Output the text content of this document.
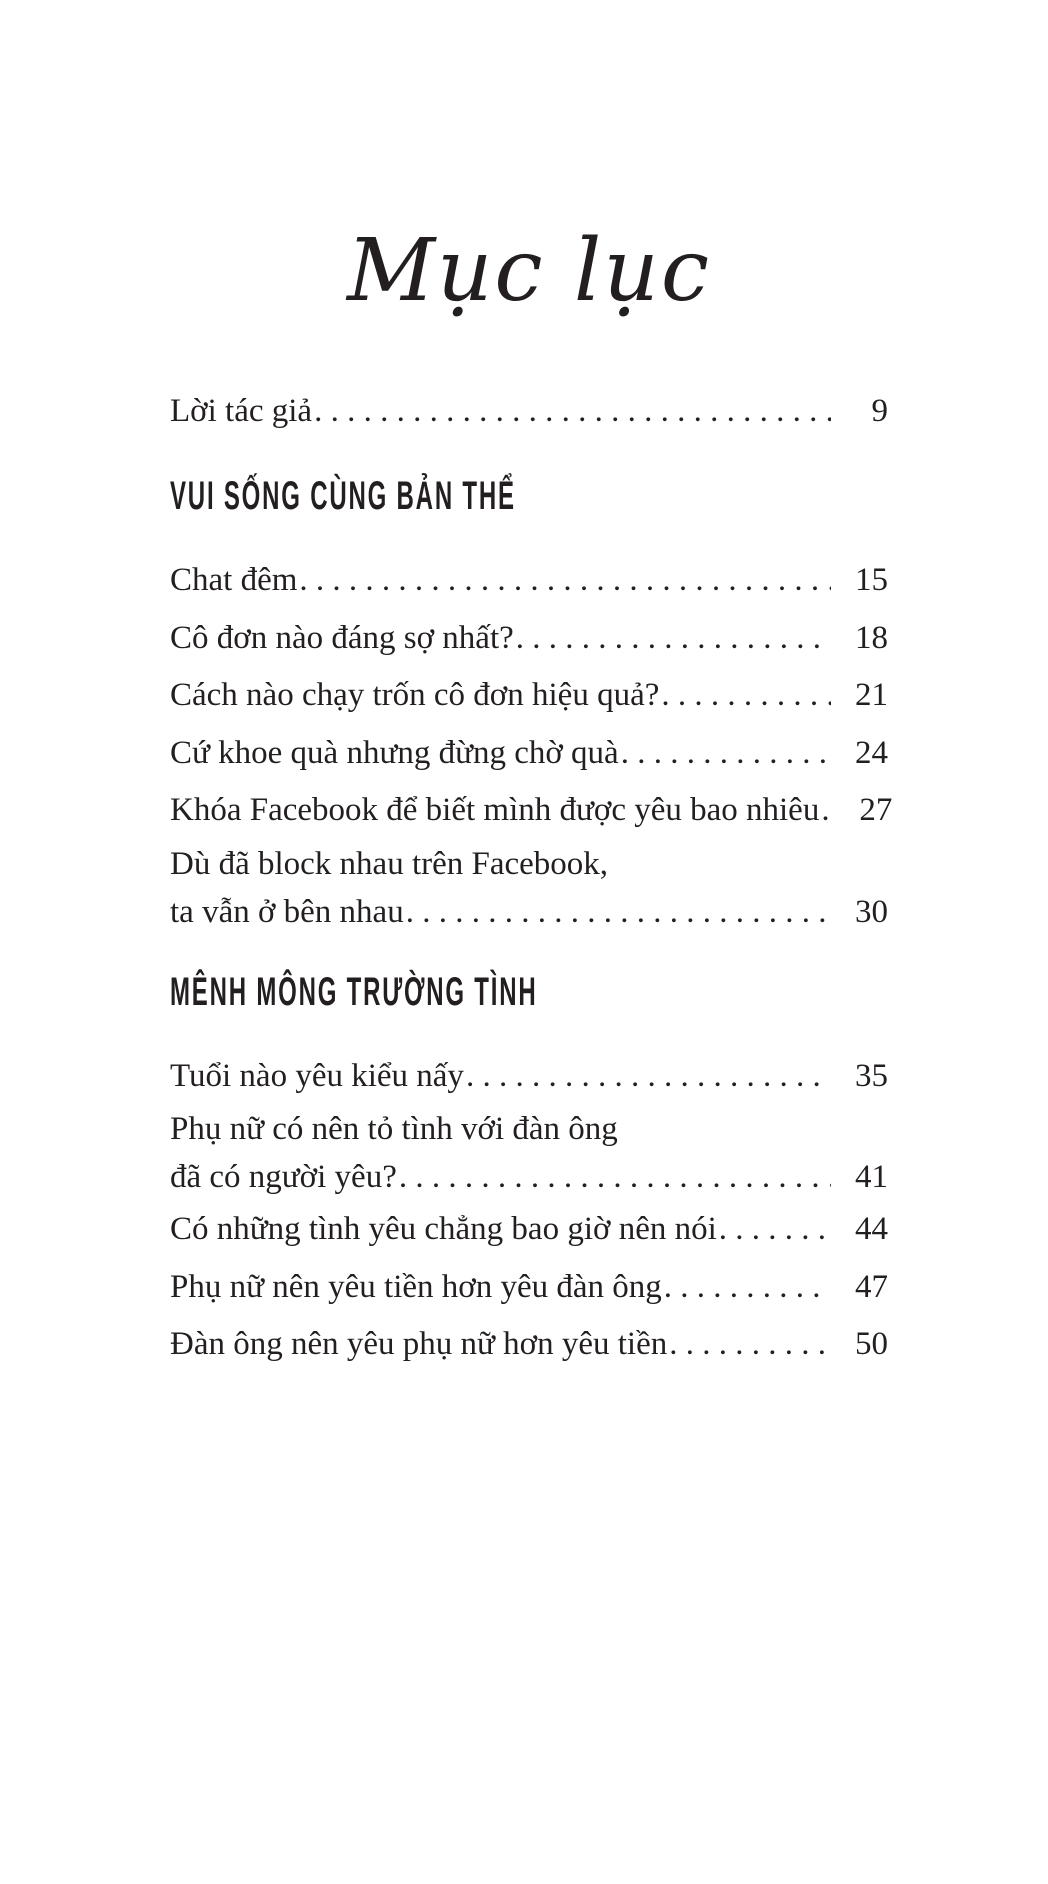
Mục lục
Lời tác giả . . .	9
VUI SỐNG CÙNG BẢN THỂ
Chat đêm . . .	15
Cô đơn nào đáng sợ nhất? . . .	18
Cách nào chạy trốn cô đơn hiệu quả? . . .	21
Cứ khoe quà nhưng đừng chờ quà . . .	24
Khóa Facebook để biết mình được yêu bao nhiêu . . .	27
Dù đã block nhau trên Facebook,
ta vẫn ở bên nhau . . .	30
MÊNH MÔNG TRƯỜNG TÌNH
Tuổi nào yêu kiểu nấy . . .	35
Phụ nữ có nên tỏ tình với đàn ông
đã có người yêu? . . .	41
Có những tình yêu chẳng bao giờ nên nói . . .	44
Phụ nữ nên yêu tiền hơn yêu đàn ông . . .	47
Đàn ông nên yêu phụ nữ hơn yêu tiền . . .	50
